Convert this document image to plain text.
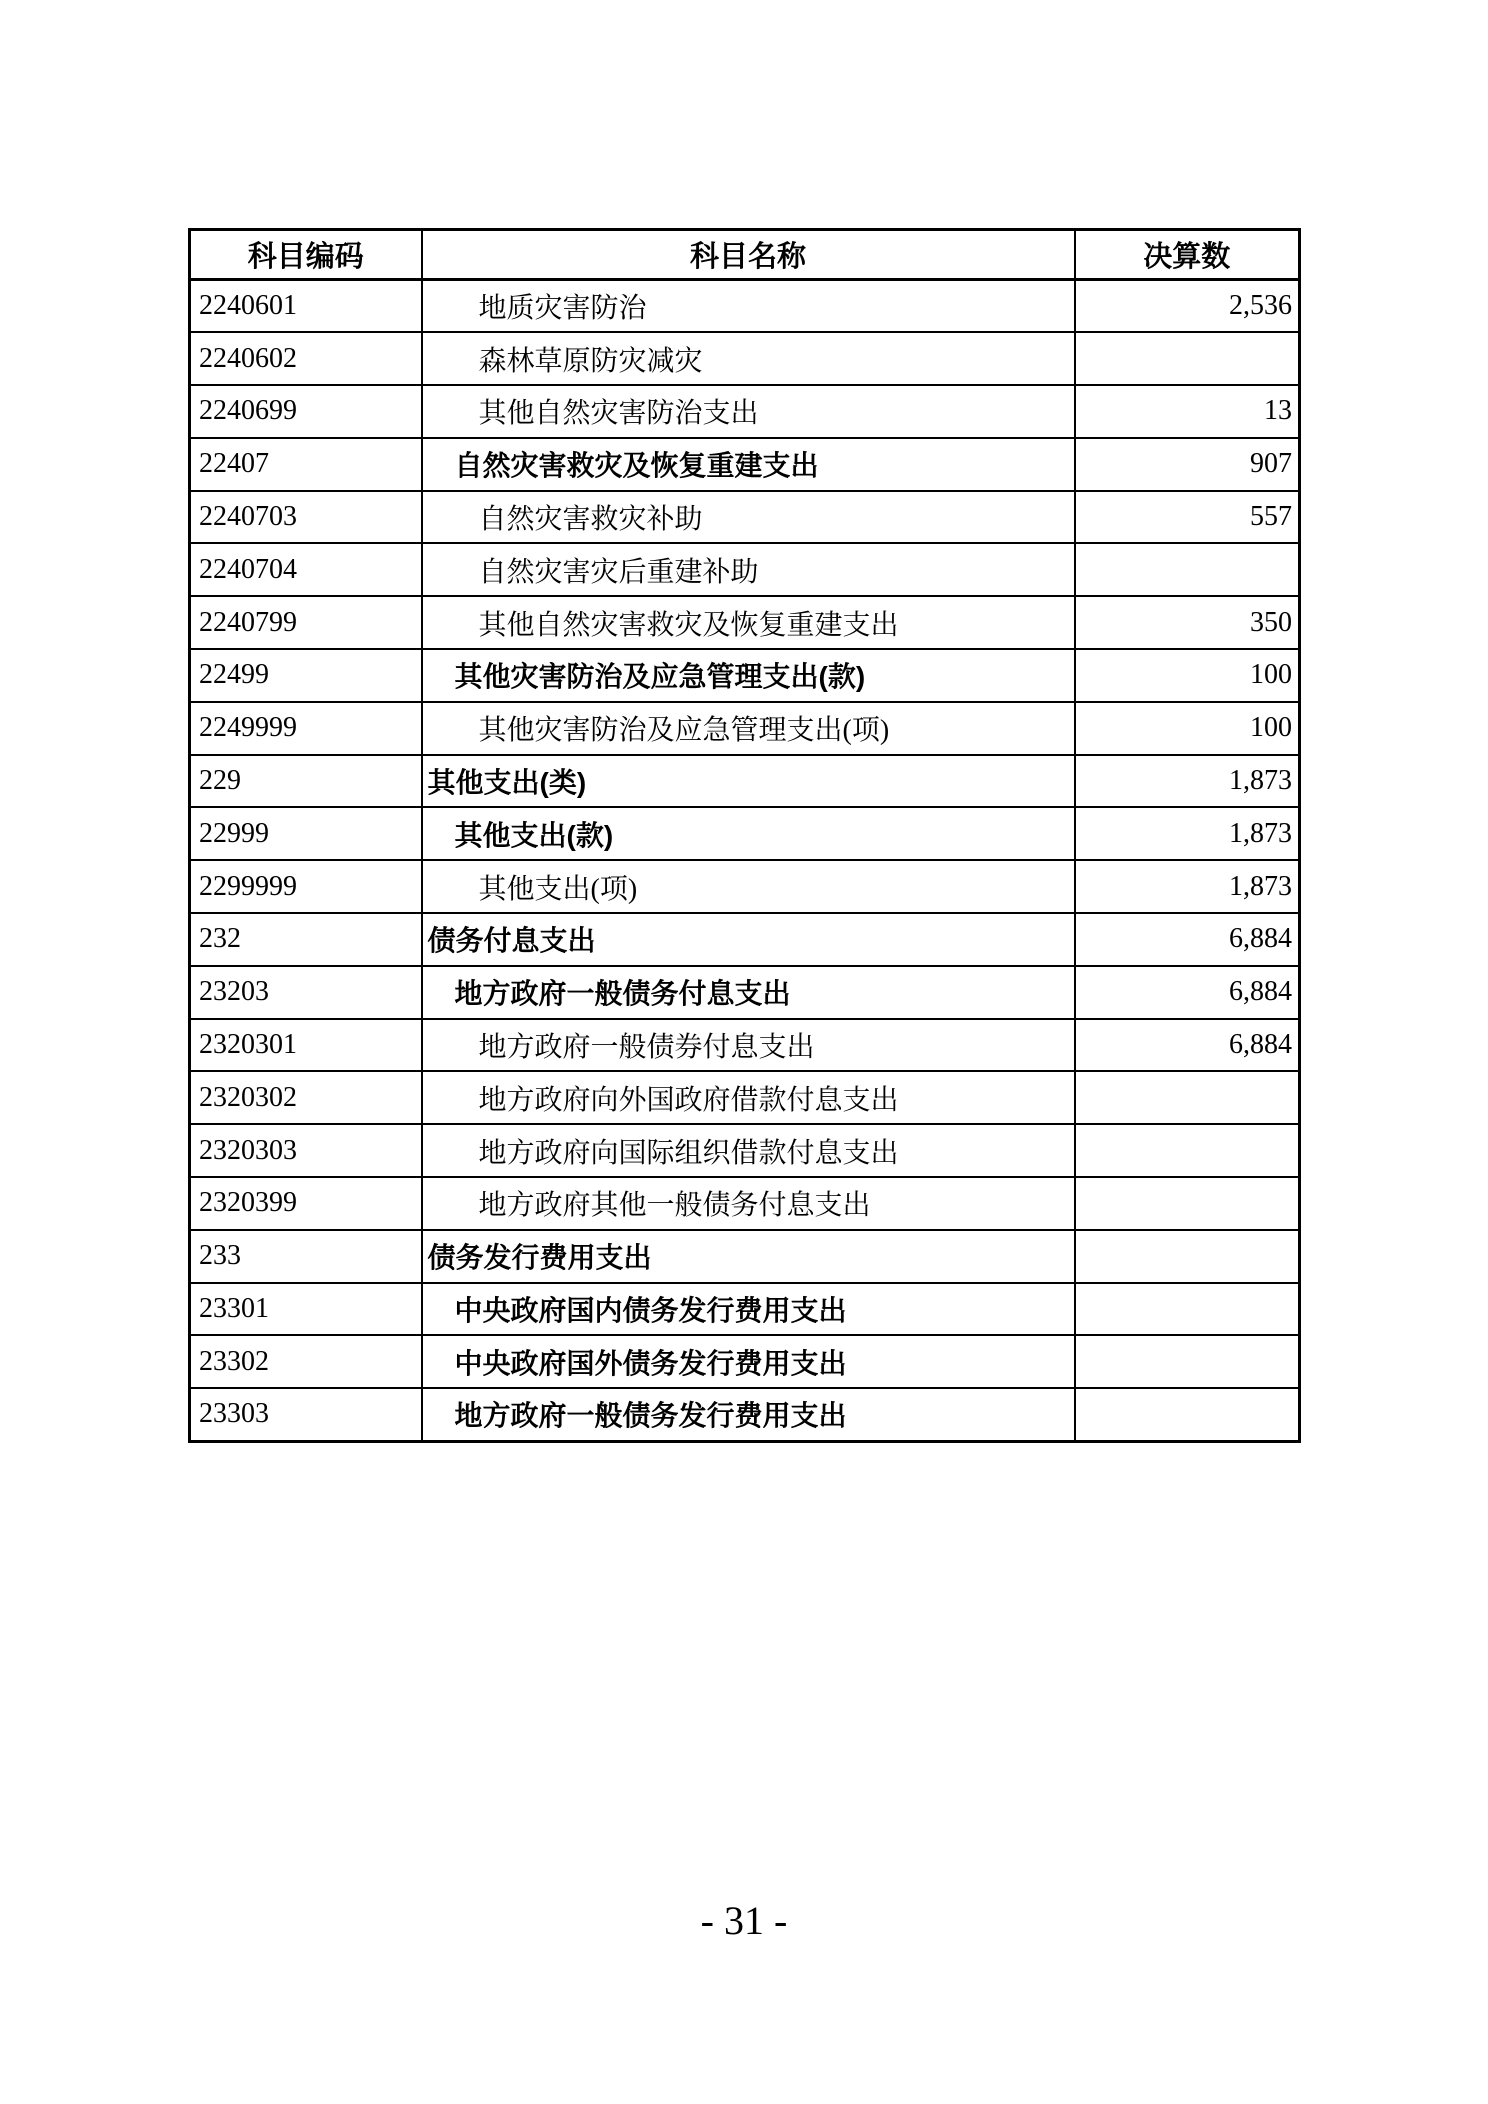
科目编码	科目名称	决算数
2240601	地质灾害防治	2,536
2240602	森林草原防灾减灾	
2240699	其他自然灾害防治支出	13
22407	自然灾害救灾及恢复重建支出	907
2240703	自然灾害救灾补助	557
2240704	自然灾害灾后重建补助	
2240799	其他自然灾害救灾及恢复重建支出	350
22499	其他灾害防治及应急管理支出(款)	100
2249999	其他灾害防治及应急管理支出(项)	100
229	其他支出(类)	1,873
22999	其他支出(款)	1,873
2299999	其他支出(项)	1,873
232	债务付息支出	6,884
23203	地方政府一般债务付息支出	6,884
2320301	地方政府一般债券付息支出	6,884
2320302	地方政府向外国政府借款付息支出	
2320303	地方政府向国际组织借款付息支出	
2320399	地方政府其他一般债务付息支出	
233	债务发行费用支出	
23301	中央政府国内债务发行费用支出	
23302	中央政府国外债务发行费用支出	
23303	地方政府一般债务发行费用支出	
- 31 -
